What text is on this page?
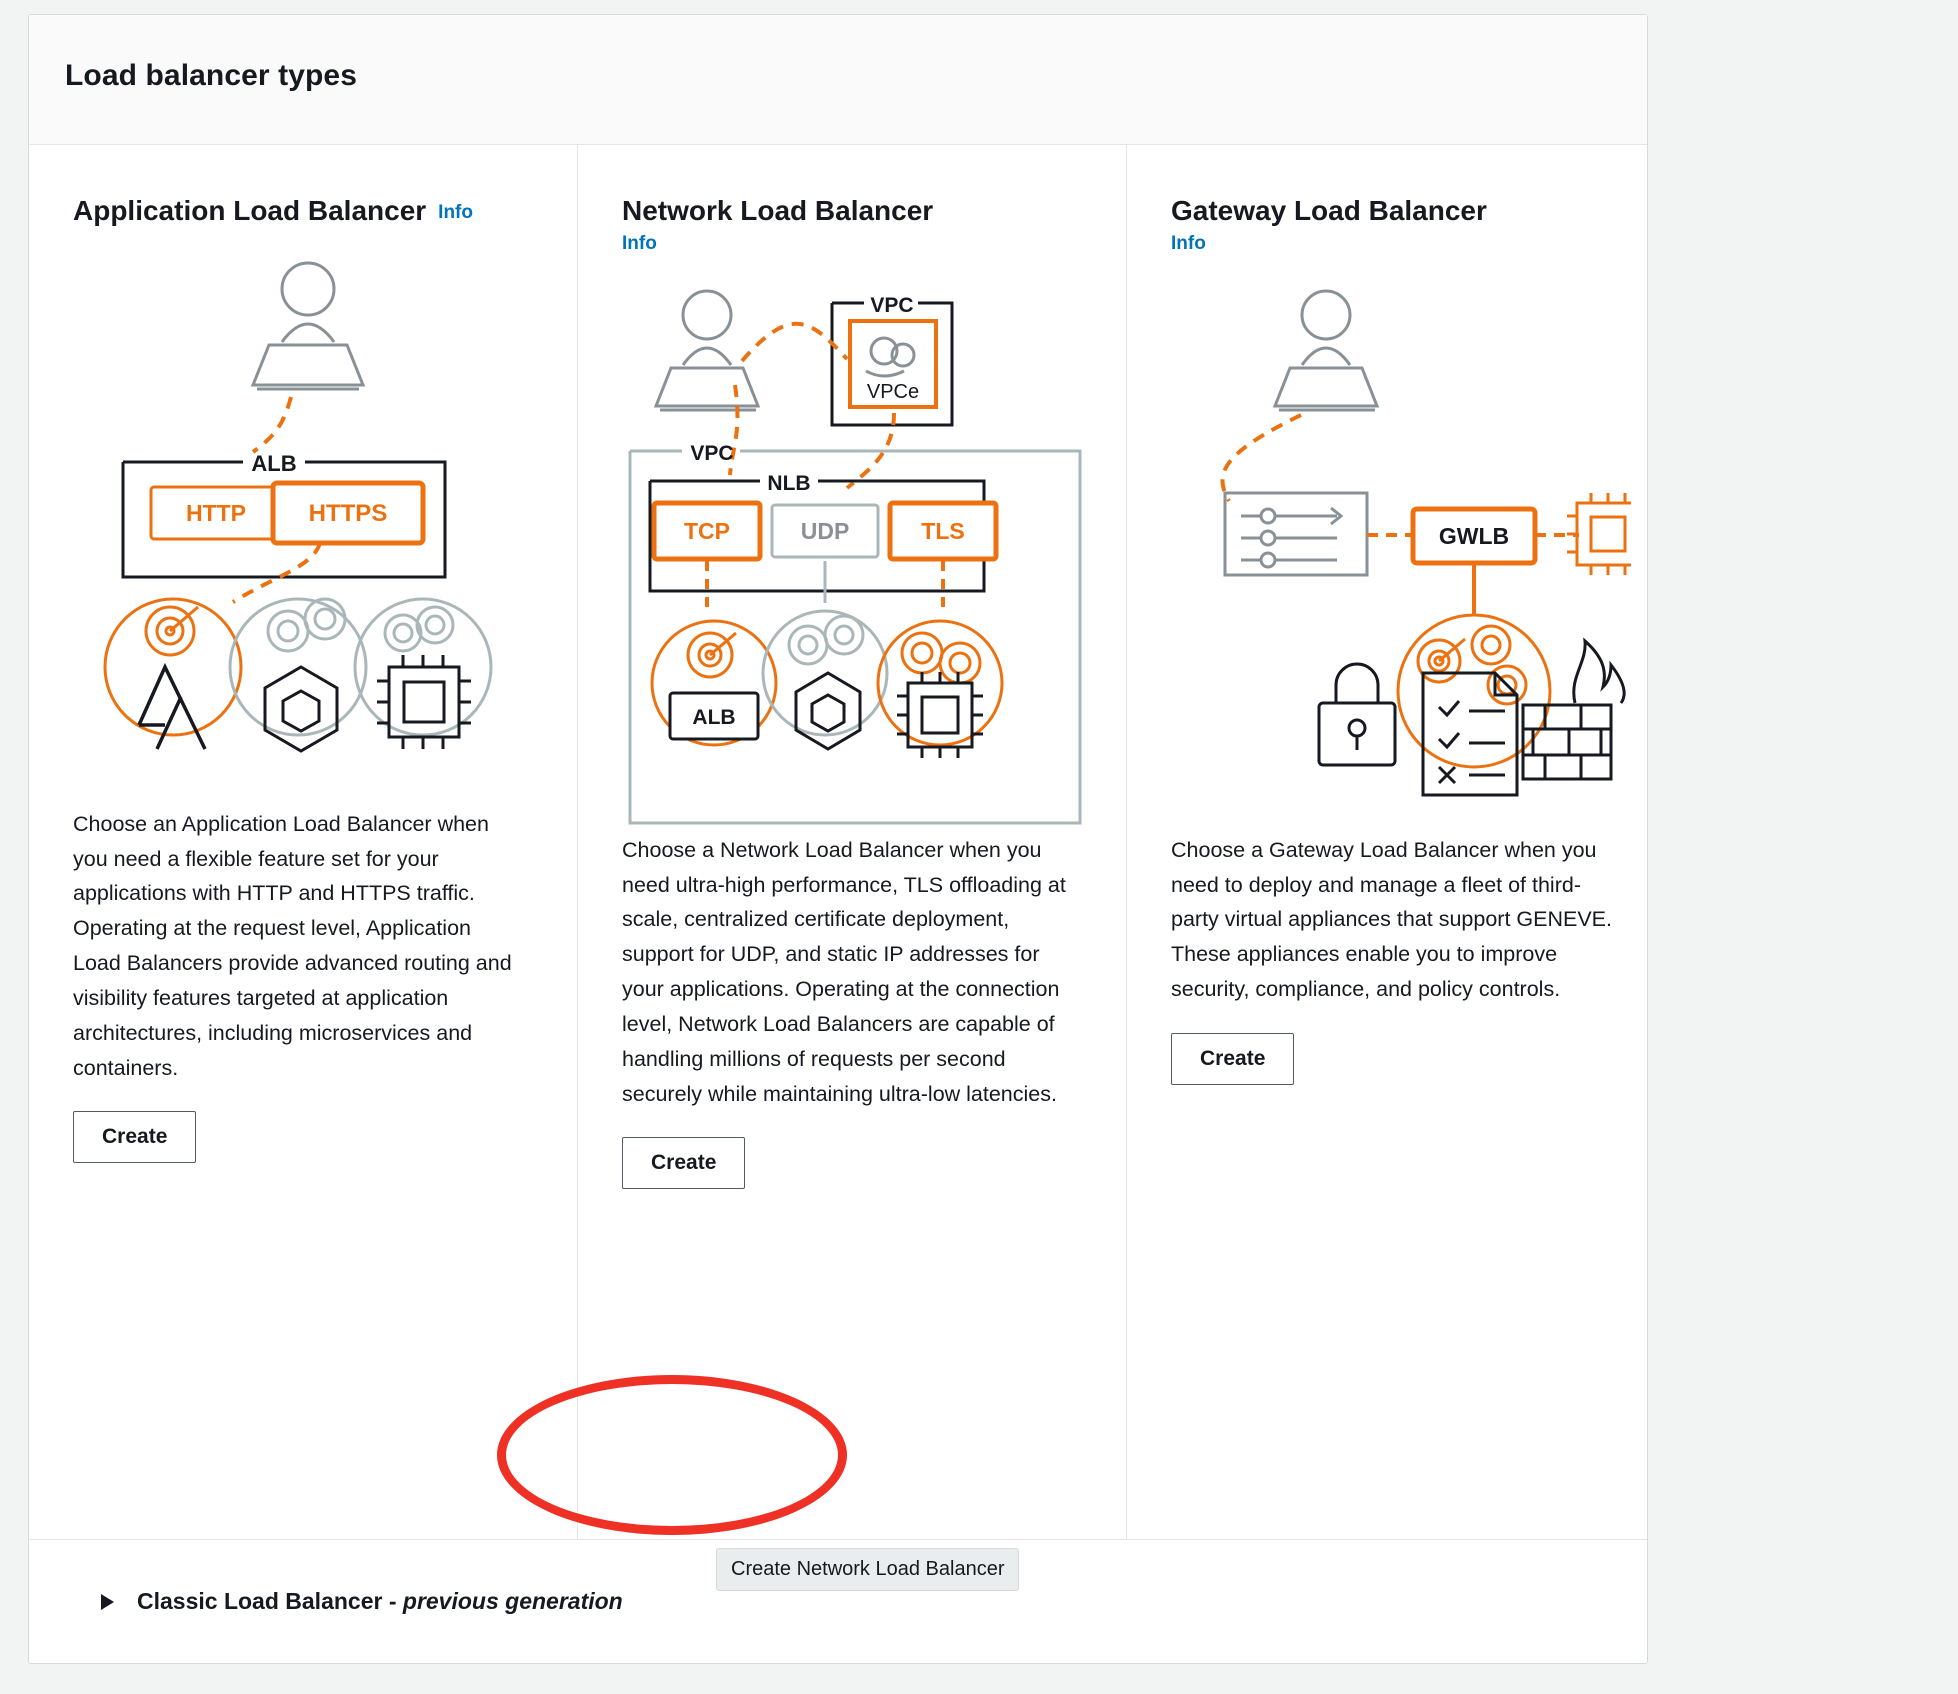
Load balancer types
Application Load Balancer Info
ALB
HTTP	HTTPS

Choose an Application Load Balancer when you need a flexible feature set for your applications with HTTP and HTTPS traffic. Operating at the request level, Application Load Balancers provide advanced routing and visibility features targeted at application architectures, including microservices and containers.

Create
Network Load Balancer
Info
VPC
VPCe
VPC
NLB
TCP	UDP	TLS
ALB

Choose a Network Load Balancer when you need ultra-high performance, TLS offloading at scale, centralized certificate deployment, support for UDP, and static IP addresses for your applications. Operating at the connection level, Network Load Balancers are capable of handling millions of requests per second securely while maintaining ultra-low latencies.

Create
Gateway Load Balancer
Info
GWLB

Choose a Gateway Load Balancer when you need to deploy and manage a fleet of third-party virtual appliances that support GENEVE. These appliances enable you to improve security, compliance, and policy controls.

Create
Classic Load Balancer - previous generation
Create Network Load Balancer
